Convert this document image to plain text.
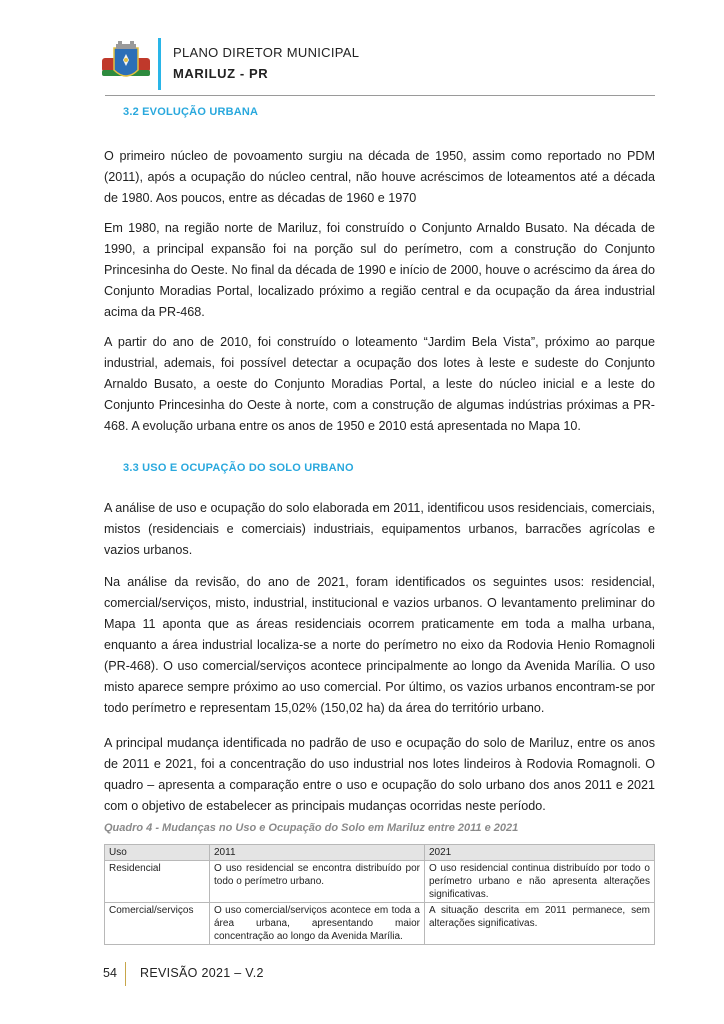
PLANO DIRETOR MUNICIPAL
MARILUZ - PR
3.2 EVOLUÇÃO URBANA
O primeiro núcleo de povoamento surgiu na década de 1950, assim como reportado no PDM (2011), após a ocupação do núcleo central, não houve acréscimos de loteamentos até a década de 1980. Aos poucos, entre as décadas de 1960 e 1970
Em 1980, na região norte de Mariluz, foi construído o Conjunto Arnaldo Busato. Na década de 1990, a principal expansão foi na porção sul do perímetro, com a construção do Conjunto Princesinha do Oeste. No final da década de 1990 e início de 2000, houve o acréscimo da área do Conjunto Moradias Portal, localizado próximo a região central e da ocupação da área industrial acima da PR-468.
A partir do ano de 2010, foi construído o loteamento “Jardim Bela Vista”, próximo ao parque industrial, ademais, foi possível detectar a ocupação dos lotes à leste e sudeste do Conjunto Arnaldo Busato, a oeste do Conjunto Moradias Portal, a leste do núcleo inicial e a leste do Conjunto Princesinha do Oeste à norte, com a construção de algumas indústrias próximas a PR-468. A evolução urbana entre os anos de 1950 e 2010 está apresentada no Mapa 10.
3.3 USO E OCUPAÇÃO DO SOLO URBANO
A análise de uso e ocupação do solo elaborada em 2011, identificou usos residenciais, comerciais, mistos (residenciais e comerciais) industriais, equipamentos urbanos, barracões agrícolas e vazios urbanos.
Na análise da revisão, do ano de 2021, foram identificados os seguintes usos: residencial, comercial/serviços, misto, industrial, institucional e vazios urbanos. O levantamento preliminar do Mapa 11 aponta que as áreas residenciais ocorrem praticamente em toda a malha urbana, enquanto a área industrial localiza-se a norte do perímetro no eixo da Rodovia Henio Romagnoli (PR-468). O uso comercial/serviços acontece principalmente ao longo da Avenida Marília. O uso misto aparece sempre próximo ao uso comercial. Por último, os vazios urbanos encontram-se por todo perímetro e representam 15,02% (150,02 ha) da área do território urbano.
A principal mudança identificada no padrão de uso e ocupação do solo de Mariluz, entre os anos de 2011 e 2021, foi a concentração do uso industrial nos lotes lindeiros à Rodovia Romagnoli. O quadro – apresenta a comparação entre o uso e ocupação do solo urbano dos anos 2011 e 2021 com o objetivo de estabelecer as principais mudanças ocorridas neste período.
Quadro 4 - Mudanças no Uso e Ocupação do Solo em Mariluz entre 2011 e 2021
Uso	2011	2021
Residencial	O uso residencial se encontra distribuído por todo o perímetro urbano.	O uso residencial continua distribuído por todo o perímetro urbano e não apresenta alterações significativas.
Comercial/serviços	O uso comercial/serviços acontece em toda a área urbana, apresentando maior concentração ao longo da Avenida Marília.	A situação descrita em 2011 permanece, sem alterações significativas.
54 REVISÃO 2021 – V.2
